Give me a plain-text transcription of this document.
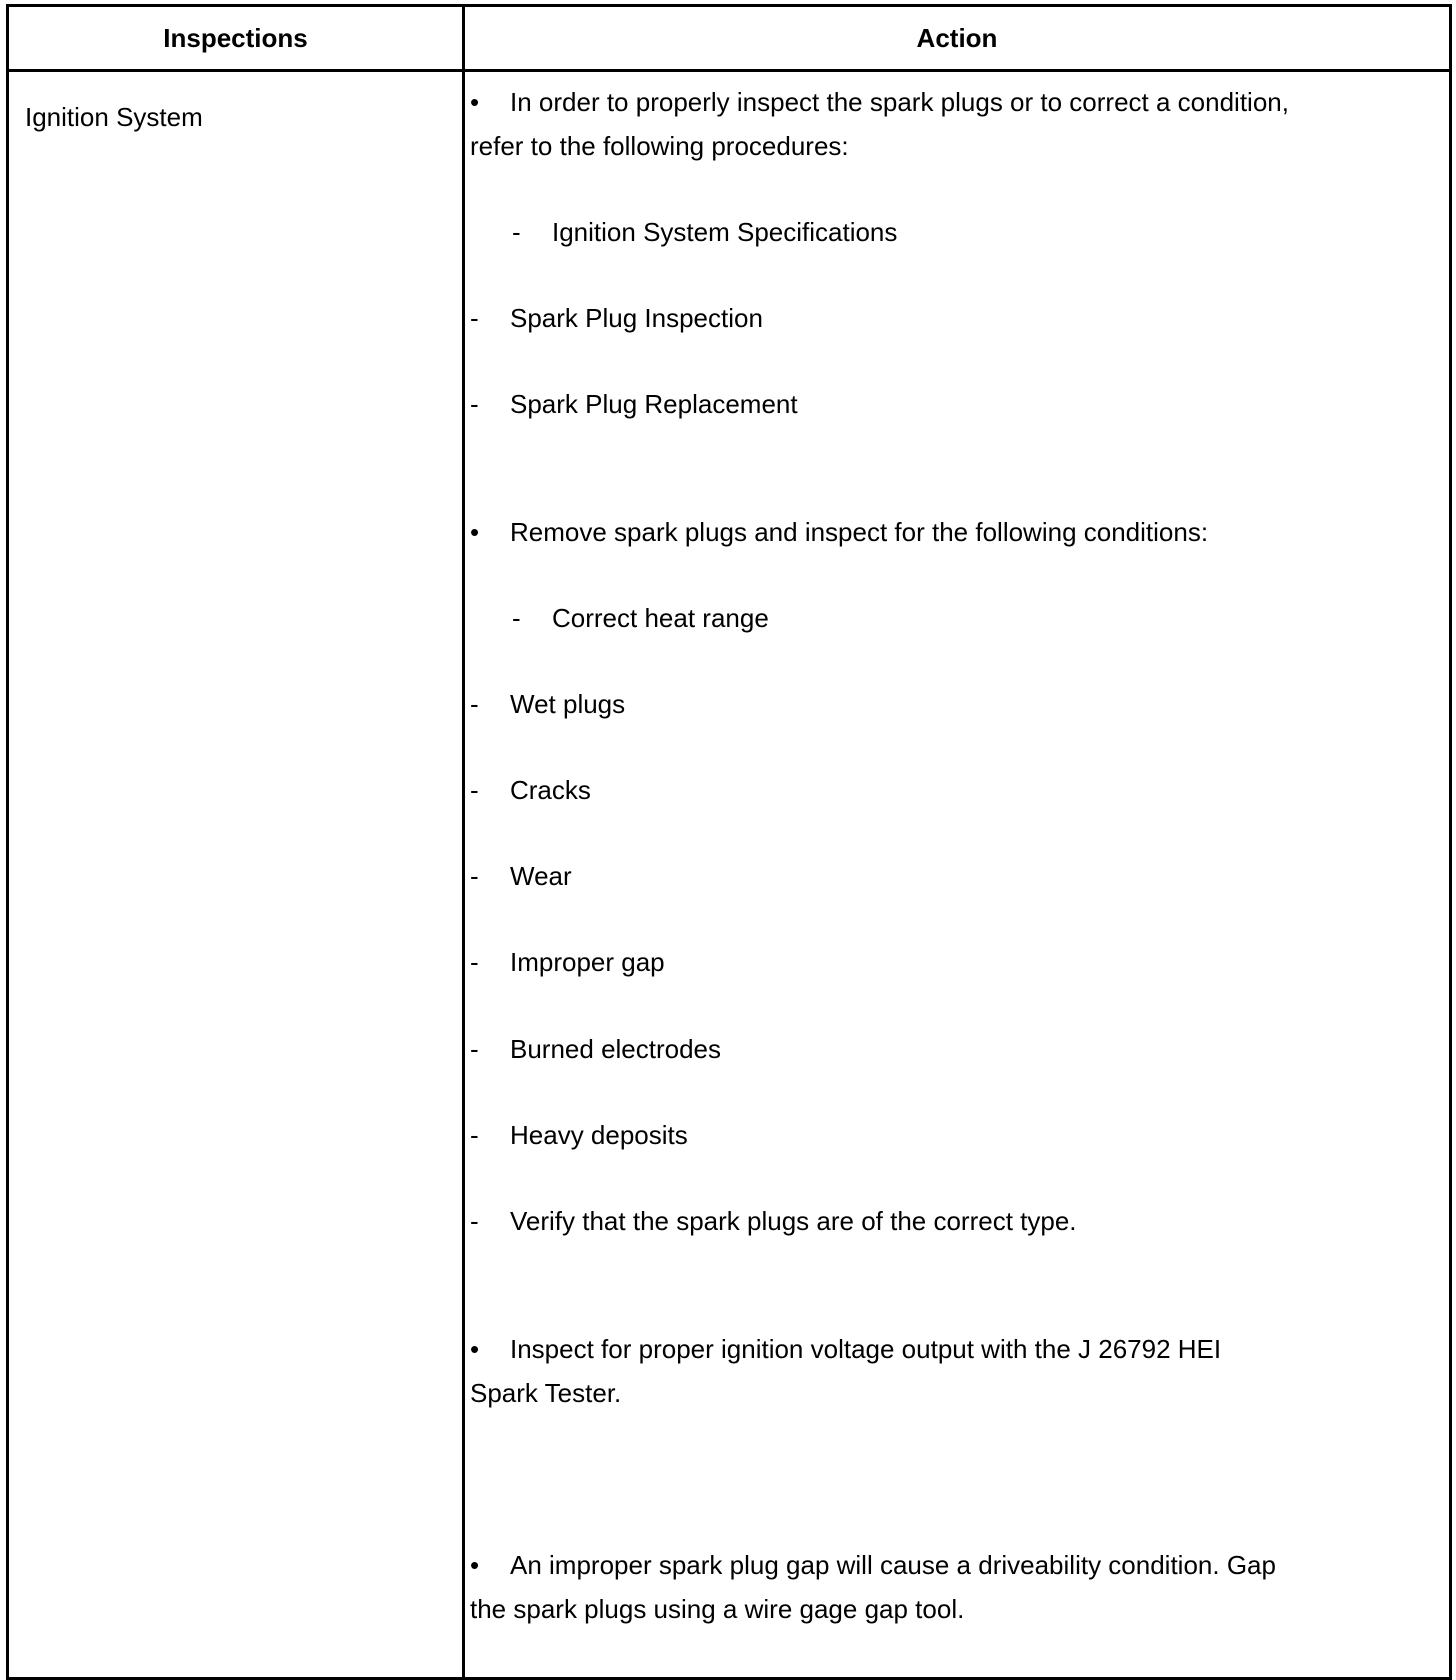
Inspections	Action
Ignition System	• In order to properly inspect the spark plugs or to correct a condition,
refer to the following procedures:
- Ignition System Specifications
- Spark Plug Inspection
- Spark Plug Replacement
• Remove spark plugs and inspect for the following conditions:
- Correct heat range
- Wet plugs
- Cracks
- Wear
- Improper gap
- Burned electrodes
- Heavy deposits
- Verify that the spark plugs are of the correct type.
• Inspect for proper ignition voltage output with the J 26792 HEI
Spark Tester.
• An improper spark plug gap will cause a driveability condition. Gap
the spark plugs using a wire gage gap tool.
